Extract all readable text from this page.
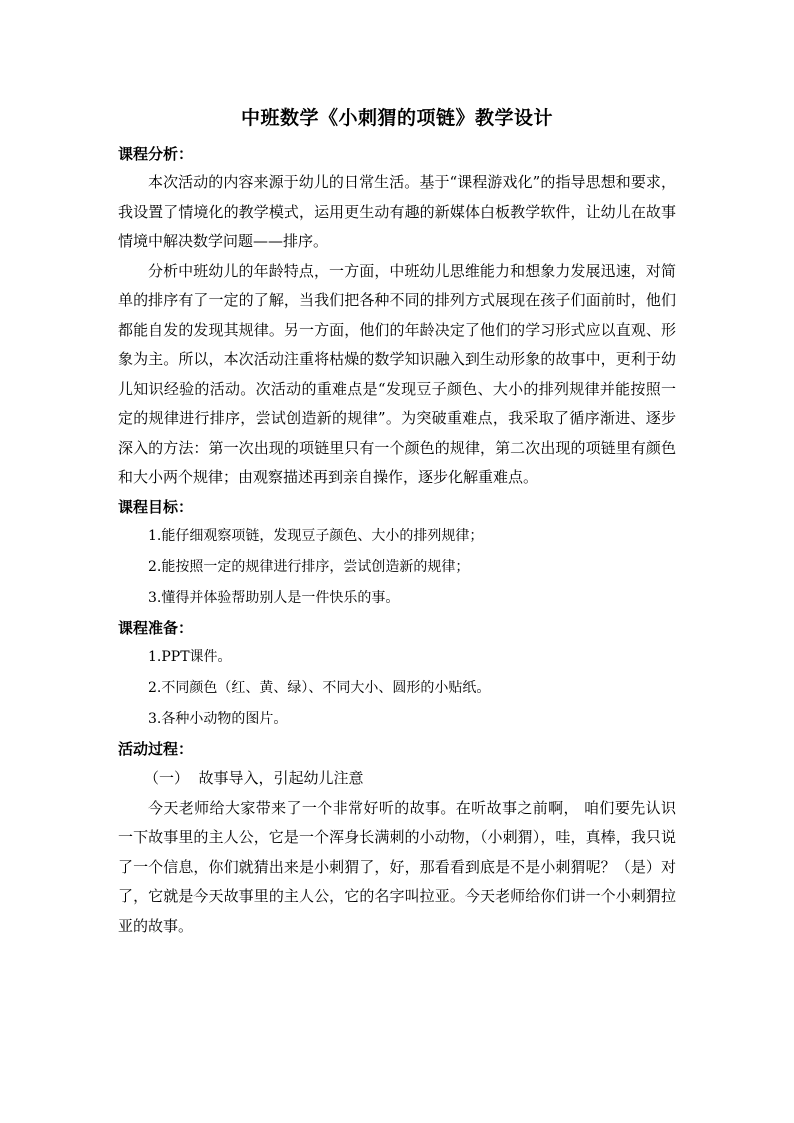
中班数学《小刺猬的项链》教学设计
课程分析：

本次活动的内容来源于幼儿的日常生活。基于“课程游戏化”的指导思想和要求，我设置了情境化的教学模式，运用更生动有趣的新媒体白板教学软件，让幼儿在故事情境中解决数学问题——排序。

分析中班幼儿的年龄特点，一方面，中班幼儿思维能力和想象力发展迅速，对简单的排序有了一定的了解，当我们把各种不同的排列方式展现在孩子们面前时，他们都能自发的发现其规律。另一方面，他们的年龄决定了他们的学习形式应以直观、形象为主。所以，本次活动注重将枯燥的数学知识融入到生动形象的故事中，更利于幼儿知识经验的活动。次活动的重难点是“发现豆子颜色、大小的排列规律并能按照一定的规律进行排序，尝试创造新的规律”。为突破重难点，我采取了循序渐进、逐步深入的方法：第一次出现的项链里只有一个颜色的规律，第二次出现的项链里有颜色和大小两个规律；由观察描述再到亲自操作，逐步化解重难点。

课程目标：
1.能仔细观察项链，发现豆子颜色、大小的排列规律；
2.能按照一定的规律进行排序，尝试创造新的规律；
3.懂得并体验帮助别人是一件快乐的事。
课程准备：
1.PPT课件。
2.不同颜色（红、黄、绿）、不同大小、圆形的小贴纸。
3.各种小动物的图片。
活动过程：

（一）  故事导入，引起幼儿注意

今天老师给大家带来了一个非常好听的故事。在听故事之前啊， 咱们要先认识一下故事里的主人公，它是一个浑身长满刺的小动物，（小刺猬），哇，真棒，我只说了一个信息，你们就猜出来是小刺猬了，好，那看看到底是不是小刺猬呢？（是）对了，它就是今天故事里的主人公，它的名字叫拉亚。今天老师给你们讲一个小刺猬拉亚的故事。
